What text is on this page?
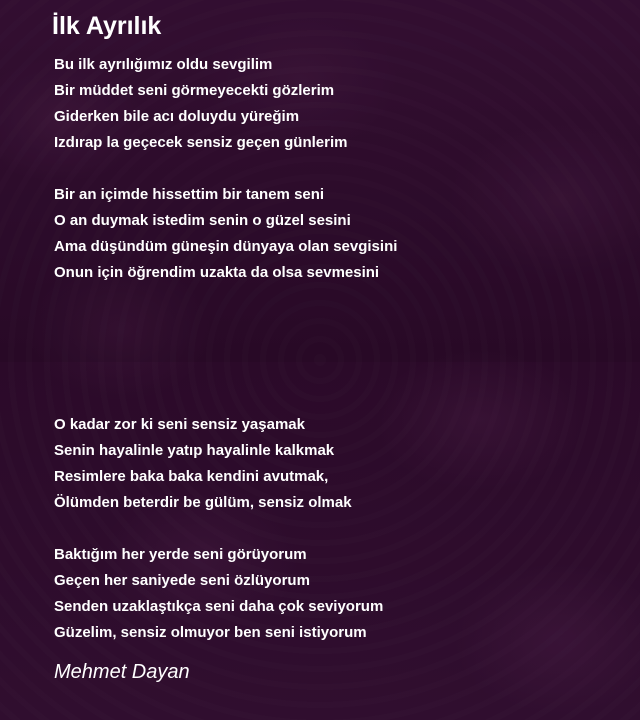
İlk Ayrılık
Bu ilk ayrılığımız oldu sevgilim
Bir müddet seni görmeyecekti gözlerim
Giderken bile acı doluydu yüreğim
Izdırap la geçecek sensiz geçen günlerim
Bir an içimde hissettim bir tanem seni
O an duymak istedim senin o güzel sesini
Ama düşündüm güneşin dünyaya olan sevgisini
Onun için öğrendim uzakta da olsa sevmesini
O kadar zor ki seni sensiz yaşamak
Senin hayalinle yatıp hayalinle kalkmak
Resimlere baka baka kendini avutmak,
Ölümden beterdir be gülüm, sensiz olmak
Baktığım her yerde seni görüyorum
Geçen her saniyede seni özlüyorum
Senden uzaklaştıkça seni daha çok seviyorum
Güzelim, sensiz olmuyor ben seni istiyorum
Mehmet Dayan
